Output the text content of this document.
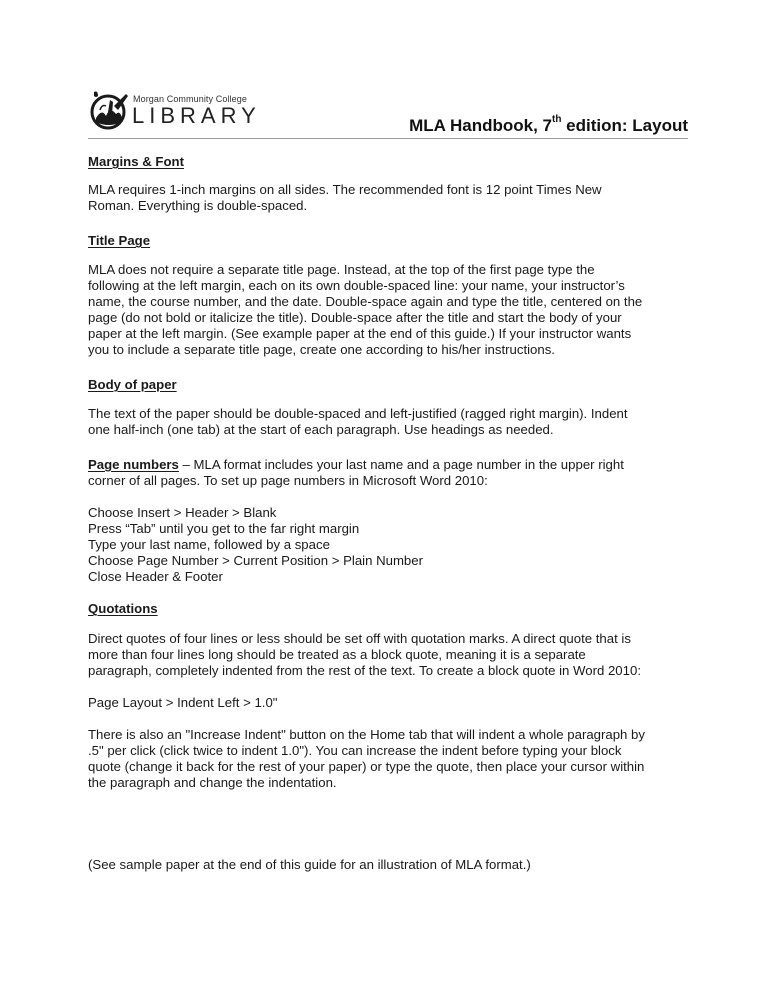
Morgan Community College
LIBRARY	MLA Handbook, 7th edition: Layout

Margins & Font

MLA requires 1-inch margins on all sides. The recommended font is 12 point Times New

Roman. Everything is double-spaced.

Title Page

MLA does not require a separate title page. Instead, at the top of the first page type the

following at the left margin, each on its own double-spaced line: your name, your instructor’s

name, the course number, and the date. Double-space again and type the title, centered on the

page (do not bold or italicize the title). Double-space after the title and start the body of your

paper at the left margin. (See example paper at the end of this guide.) If your instructor wants

you to include a separate title page, create one according to his/her instructions.

Body of paper

The text of the paper should be double-spaced and left-justified (ragged right margin). Indent

one half-inch (one tab) at the start of each paragraph. Use headings as needed.

Page numbers – MLA format includes your last name and a page number in the upper right

corner of all pages. To set up page numbers in Microsoft Word 2010:

Choose Insert > Header > Blank

Press “Tab” until you get to the far right margin

Type your last name, followed by a space

Choose Page Number > Current Position > Plain Number

Close Header & Footer

Quotations

Direct quotes of four lines or less should be set off with quotation marks. A direct quote that is

more than four lines long should be treated as a block quote, meaning it is a separate

paragraph, completely indented from the rest of the text. To create a block quote in Word 2010:

Page Layout > Indent Left > 1.0"

There is also an "Increase Indent" button on the Home tab that will indent a whole paragraph by

.5" per click (click twice to indent 1.0"). You can increase the indent before typing your block

quote (change it back for the rest of your paper) or type the quote, then place your cursor within

the paragraph and change the indentation.

(See sample paper at the end of this guide for an illustration of MLA format.)
